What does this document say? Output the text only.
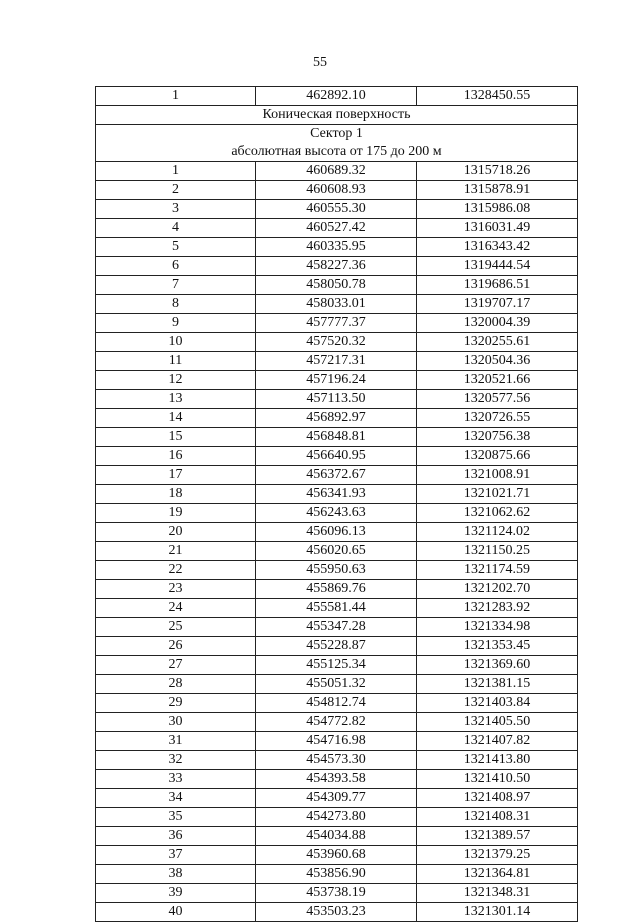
55
1	462892.10	1328450.55
Коническая поверхность		

Сектор 1
абсолютная высота от 175 до 200 м		

1	460689.32	1315718.26
2	460608.93	1315878.91
3	460555.30	1315986.08
4	460527.42	1316031.49
5	460335.95	1316343.42
6	458227.36	1319444.54
7	458050.78	1319686.51
8	458033.01	1319707.17
9	457777.37	1320004.39
10	457520.32	1320255.61
11	457217.31	1320504.36
12	457196.24	1320521.66
13	457113.50	1320577.56
14	456892.97	1320726.55
15	456848.81	1320756.38
16	456640.95	1320875.66
17	456372.67	1321008.91
18	456341.93	1321021.71
19	456243.63	1321062.62
20	456096.13	1321124.02
21	456020.65	1321150.25
22	455950.63	1321174.59
23	455869.76	1321202.70
24	455581.44	1321283.92
25	455347.28	1321334.98
26	455228.87	1321353.45
27	455125.34	1321369.60
28	455051.32	1321381.15
29	454812.74	1321403.84
30	454772.82	1321405.50
31	454716.98	1321407.82
32	454573.30	1321413.80
33	454393.58	1321410.50
34	454309.77	1321408.97
35	454273.80	1321408.31
36	454034.88	1321389.57
37	453960.68	1321379.25
38	453856.90	1321364.81
39	453738.19	1321348.31
40	453503.23	1321301.14
